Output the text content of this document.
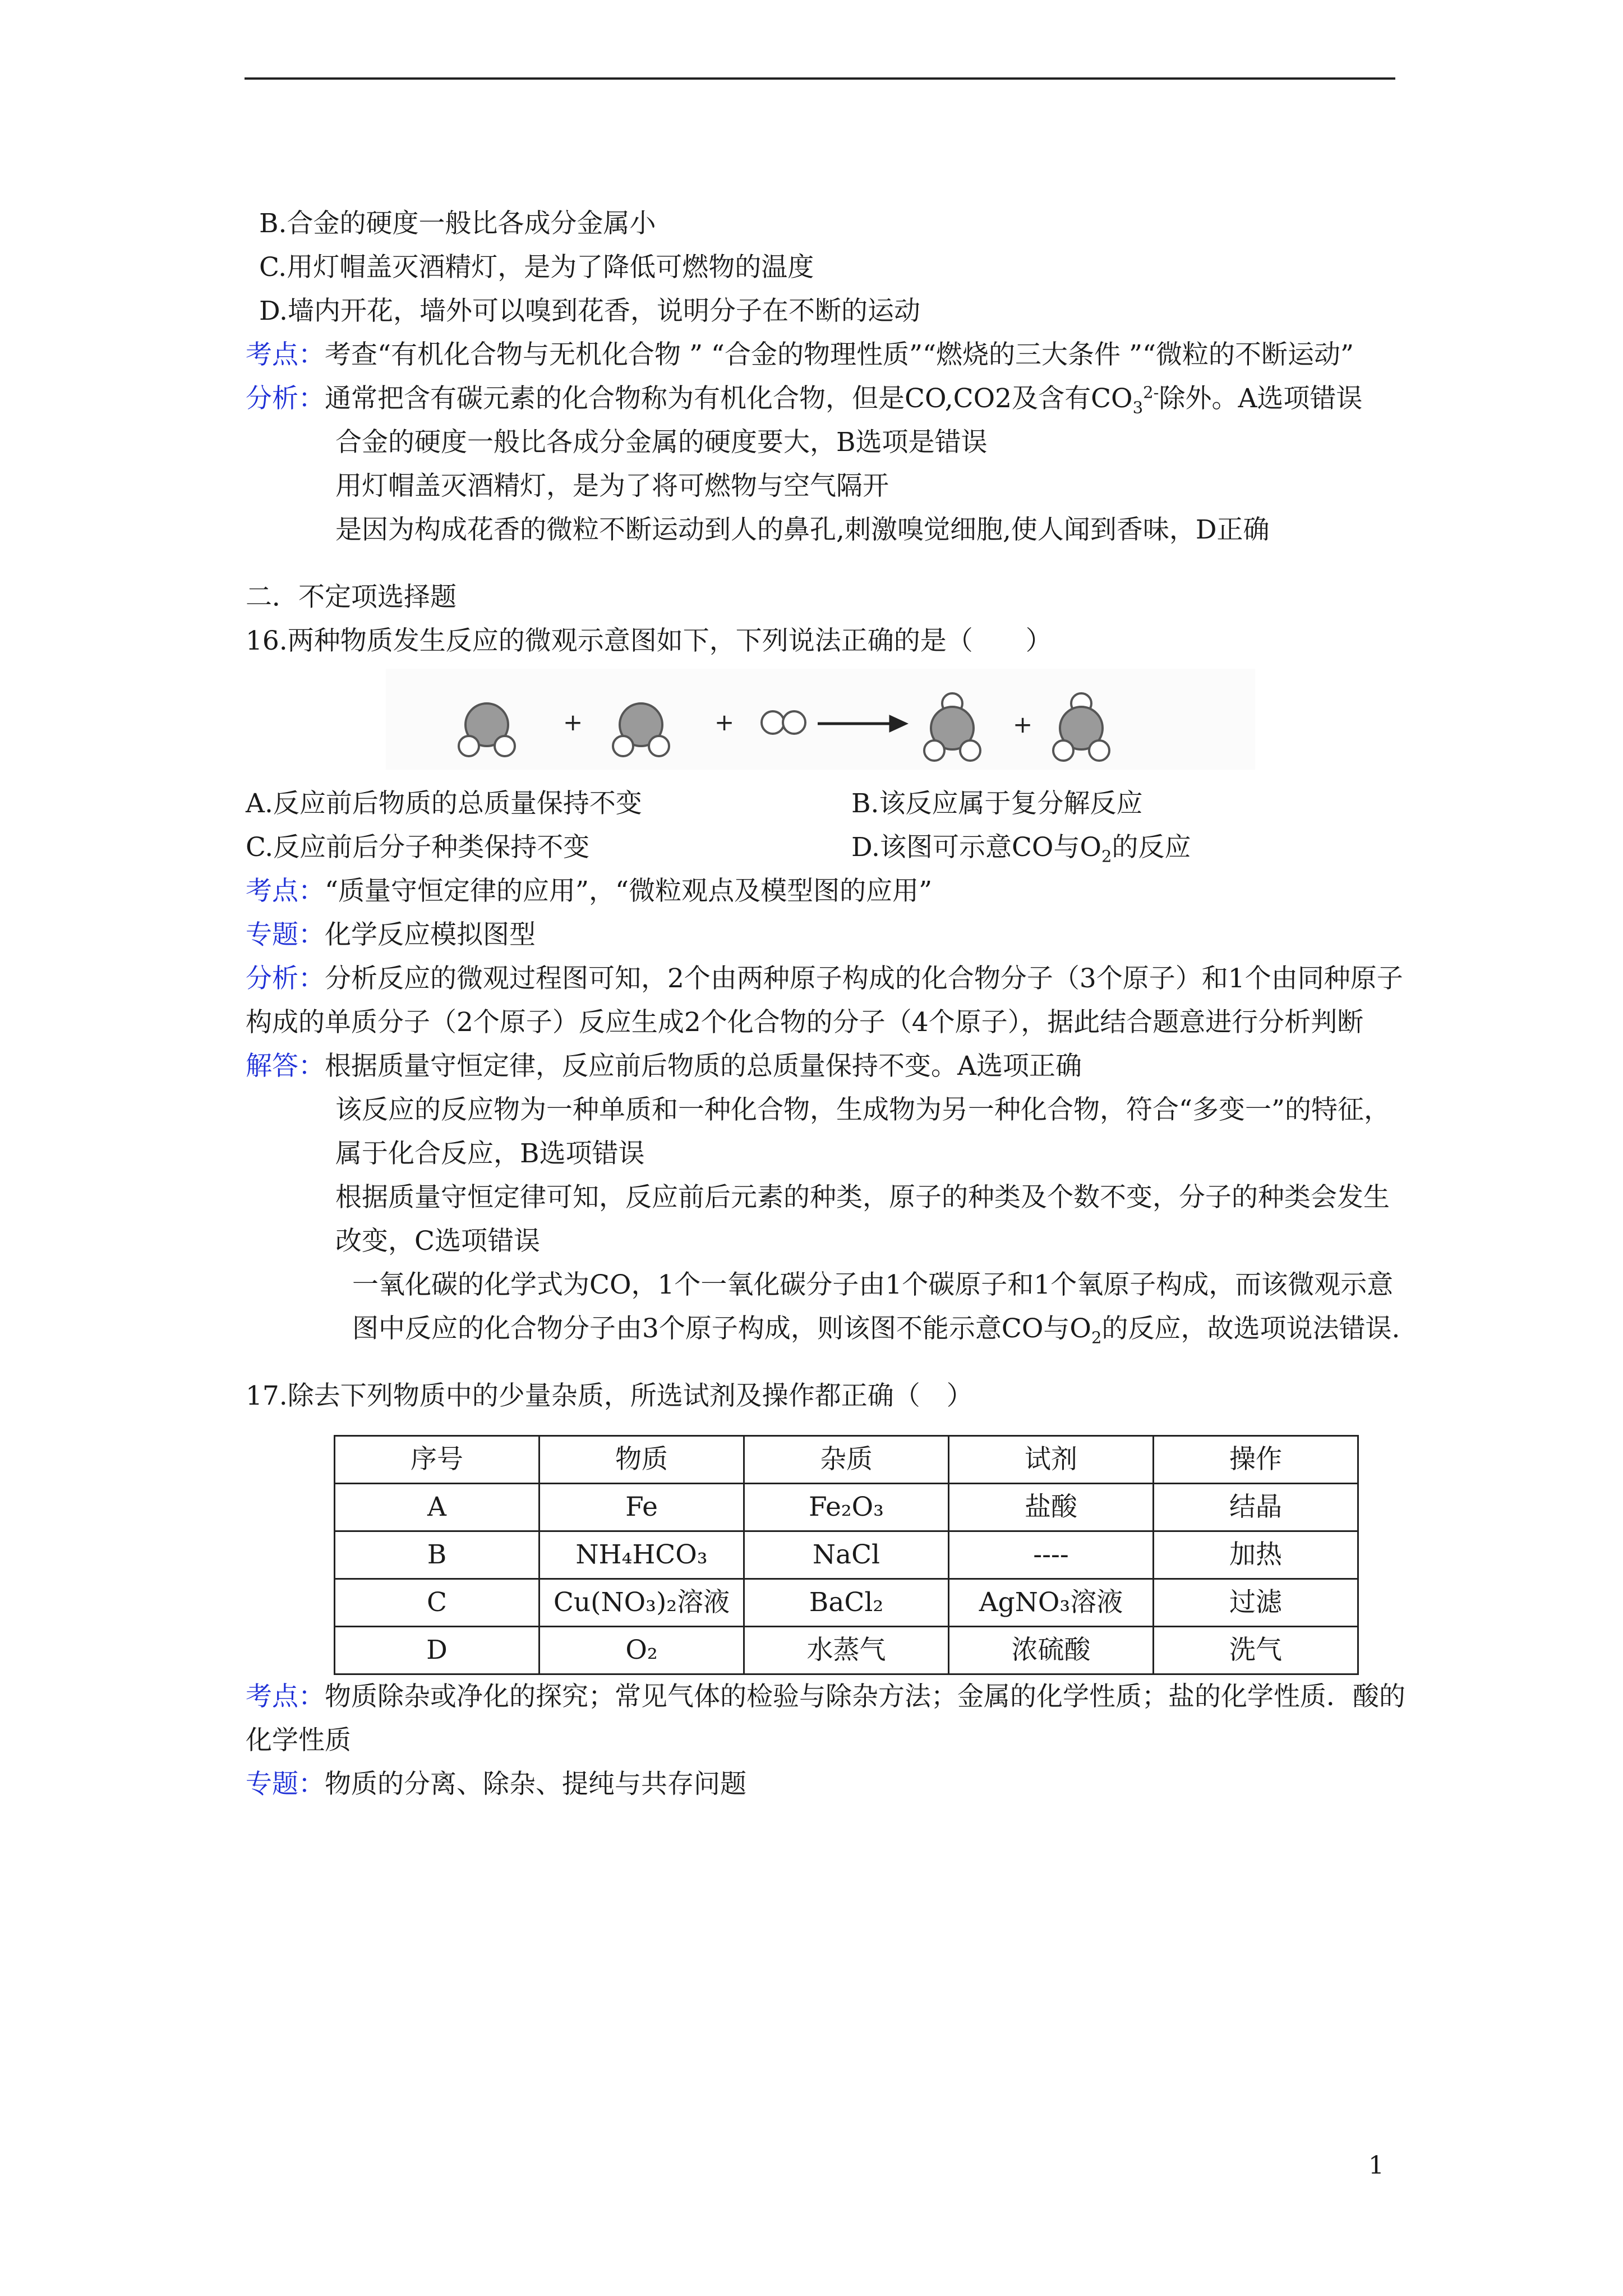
B.合金的硬度一般比各成分金属小
C.用灯帽盖灭酒精灯，是为了降低可燃物的温度
D.墙内开花，墙外可以嗅到花香，说明分子在不断的运动
考点：考查“有机化合物与无机化合物 ” “合金的物理性质”“燃烧的三大条件 ”“微粒的不断运动”
分析：通常把含有碳元素的化合物称为有机化合物，但是CO,CO2及含有$CO_3^{2-}$除外。A选项错误
合金的硬度一般比各成分金属的硬度要大，B选项是错误
用灯帽盖灭酒精灯，是为了将可燃物与空气隔开
是因为构成花香的微粒不断运动到人的鼻孔,刺激嗅觉细胞,使人闻到香味，D正确
二．不定项选择题
16.两种物质发生反应的微观示意图如下，下列说法正确的是（　　）
+	+	+
A.反应前后物质的总质量保持不变	B.该反应属于复分解反应
C.反应前后分子种类保持不变	D.该图可示意CO与$O_2$的反应
考点：“质量守恒定律的应用”，“微粒观点及模型图的应用”
专题：化学反应模拟图型
分析：分析反应的微观过程图可知，2个由两种原子构成的化合物分子（3个原子）和1个由同种原子构成的单质分子（2个原子）反应生成2个化合物的分子（4个原子），据此结合题意进行分析判断
解答：根据质量守恒定律，反应前后物质的总质量保持不变。A选项正确
该反应的反应物为一种单质和一种化合物，生成物为另一种化合物，符合“多变一”的特征，属于化合反应，B选项错误
根据质量守恒定律可知，反应前后元素的种类，原子的种类及个数不变，分子的种类会发生改变，C选项错误
一氧化碳的化学式为CO，1个一氧化碳分子由1个碳原子和1个氧原子构成，而该微观示意图中反应的化合物分子由3个原子构成，则该图不能示意CO与$O_2$的反应，故选项说法错误.
17.除去下列物质中的少量杂质，所选试剂及操作都正确（　）
序号	物质	杂质	试剂	操作
A	Fe	Fe₂O₃	盐酸	结晶
B	NH₄HCO₃	NaCl	----	加热
C	Cu(NO₃)₂溶液	BaCl₂	AgNO₃溶液	过滤
D	O₂	水蒸气	浓硫酸	洗气
考点：物质除杂或净化的探究；常见气体的检验与除杂方法；金属的化学性质；盐的化学性质．酸的化学性质
专题：物质的分离、除杂、提纯与共存问题
1
